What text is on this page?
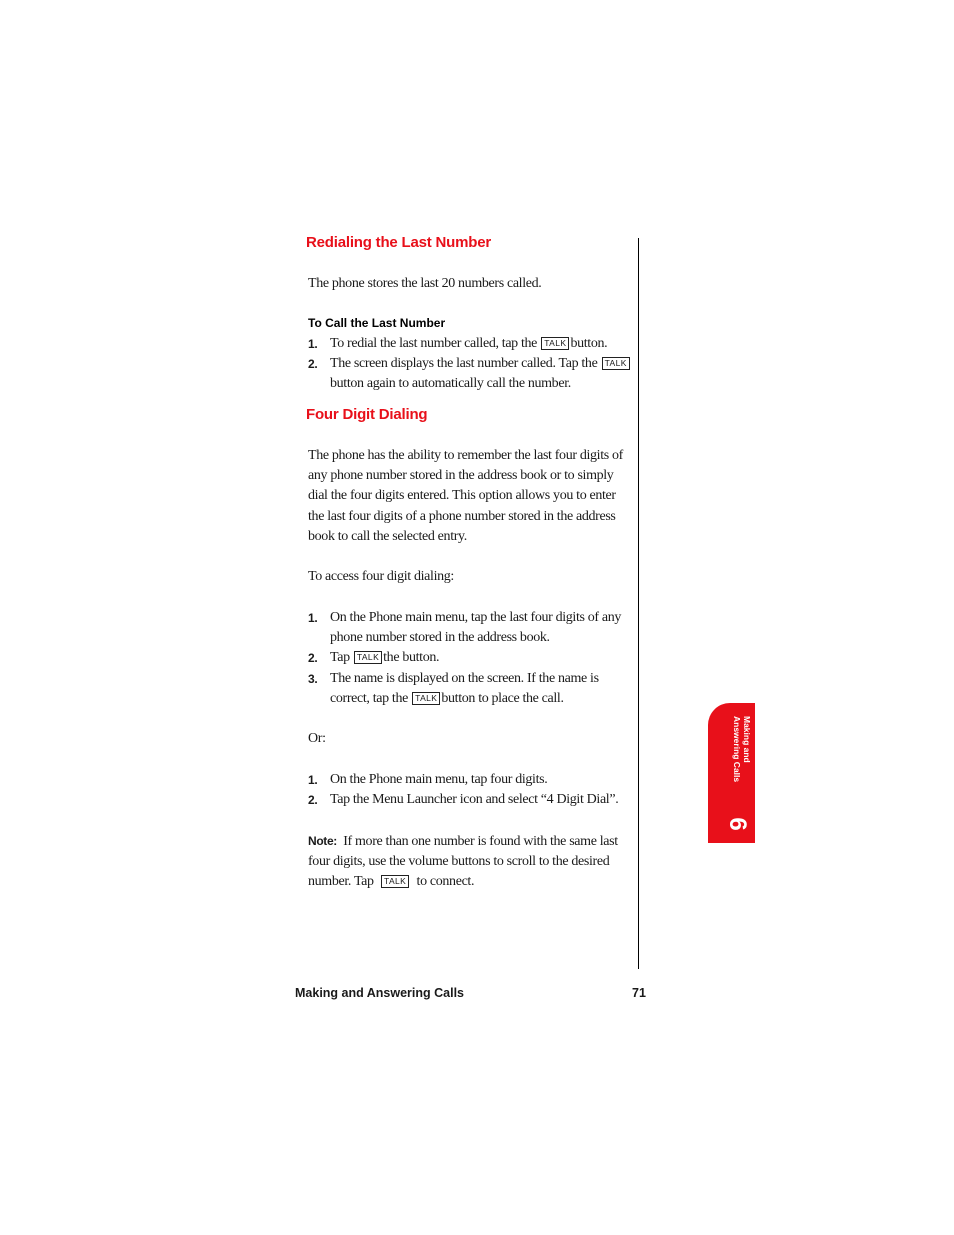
Redialing the Last Number
The phone stores the last 20 numbers called.
To Call the Last Number
1. To redial the last number called, tap the TALK button.
2. The screen displays the last number called. Tap the TALK button again to automatically call the number.
Four Digit Dialing
The phone has the ability to remember the last four digits of any phone number stored in the address book or to simply dial the four digits entered. This option allows you to enter the last four digits of a phone number stored in the address book to call the selected entry.
To access four digit dialing:
1. On the Phone main menu, tap the last four digits of any phone number stored in the address book.
2. Tap TALK the button.
3. The name is displayed on the screen. If the name is correct, tap the TALK button to place the call.
Or:
1. On the Phone main menu, tap four digits.
2. Tap the Menu Launcher icon and select “4 Digit Dial”.
Note: If more than one number is found with the same last four digits, use the volume buttons to scroll to the desired number. Tap TALK to connect.
Making and Answering Calls
6
Making and Answering Calls	71
